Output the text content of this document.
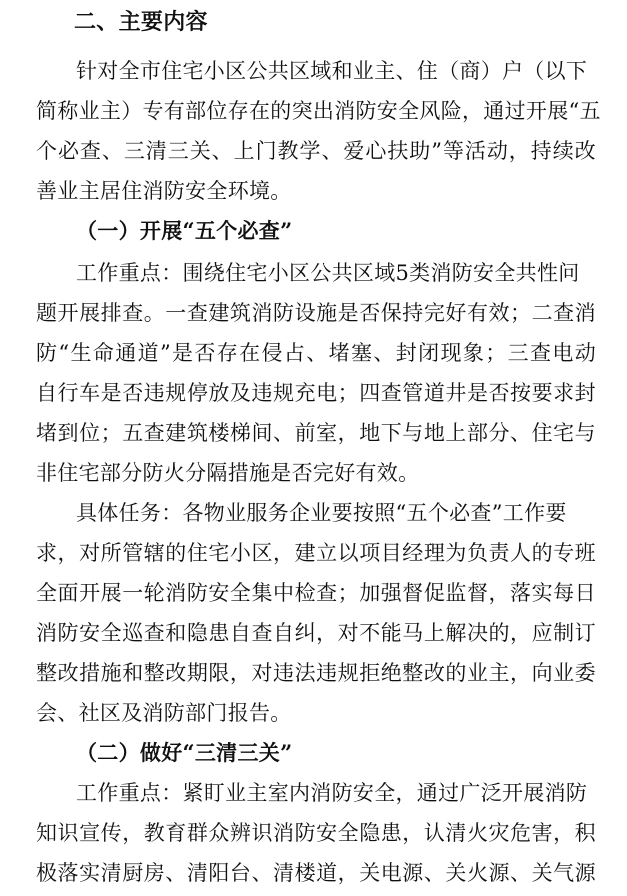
二、主要内容
针对全市住宅小区公共区域和业主、住（商）户（以下
简称业主）专有部位存在的突出消防安全风险，通过开展“五
个必查、三清三关、上门教学、爱心扶助”等活动，持续改
善业主居住消防安全环境。
（一）开展“五个必查”
工作重点：围绕住宅小区公共区域5类消防安全共性问
题开展排查。一查建筑消防设施是否保持完好有效；二查消
防“生命通道”是否存在侵占、堵塞、封闭现象；三查电动
自行车是否违规停放及违规充电；四查管道井是否按要求封
堵到位；五查建筑楼梯间、前室，地下与地上部分、住宅与
非住宅部分防火分隔措施是否完好有效。
具体任务：各物业服务企业要按照“五个必查”工作要
求，对所管辖的住宅小区，建立以项目经理为负责人的专班
全面开展一轮消防安全集中检查；加强督促监督，落实每日
消防安全巡查和隐患自查自纠，对不能马上解决的，应制订
整改措施和整改期限，对违法违规拒绝整改的业主，向业委
会、社区及消防部门报告。
（二）做好“三清三关”
工作重点：紧盯业主室内消防安全，通过广泛开展消防
知识宣传，教育群众辨识消防安全隐患，认清火灾危害，积
极落实清厨房、清阳台、清楼道，关电源、关火源、关气源
